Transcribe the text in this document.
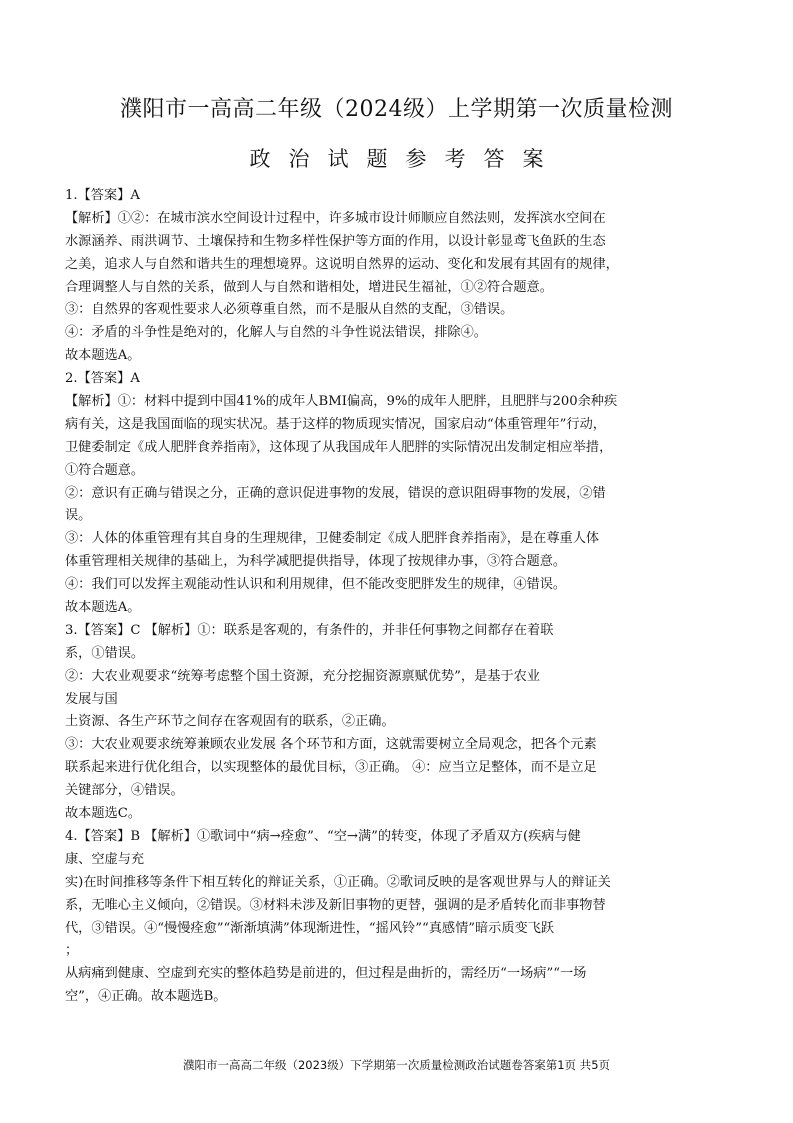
濮阳市一高高二年级（2024级）上学期第一次质量检测
政治试题参考答案
1.【答案】A
【解析】①②：在城市滨水空间设计过程中，许多城市设计师顺应自然法则，发挥滨水空间在
水源涵养、雨洪调节、土壤保持和生物多样性保护等方面的作用，以设计彰显鸢飞鱼跃的生态
之美，追求人与自然和谐共生的理想境界。这说明自然界的运动、变化和发展有其固有的规律，
合理调整人与自然的关系，做到人与自然和谐相处，增进民生福祉，①②符合题意。
③：自然界的客观性要求人必须尊重自然，而不是服从自然的支配，③错误。
④：矛盾的斗争性是绝对的，化解人与自然的斗争性说法错误，排除④。
故本题选A。
2.【答案】A
【解析】①：材料中提到中国41%的成年人BMI偏高，9%的成年人肥胖，且肥胖与200余种疾
病有关，这是我国面临的现实状况。基于这样的物质现实情况，国家启动“体重管理年”行动，
卫健委制定《成人肥胖食养指南》，这体现了从我国成年人肥胖的实际情况出发制定相应举措，
①符合题意。
②：意识有正确与错误之分，正确的意识促进事物的发展，错误的意识阻碍事物的发展，②错
误。
③：人体的体重管理有其自身的生理规律，卫健委制定《成人肥胖食养指南》，是在尊重人体
体重管理相关规律的基础上，为科学减肥提供指导，体现了按规律办事，③符合题意。
④：我们可以发挥主观能动性认识和利用规律，但不能改变肥胖发生的规律，④错误。
故本题选A。
3.【答案】C 【解析】①：联系是客观的，有条件的，并非任何事物之间都存在着联
系，①错误。
②：大农业观要求“统筹考虑整个国土资源，充分挖掘资源禀赋优势”，是基于农业
发展与国
土资源、各生产环节之间存在客观固有的联系，②正确。
③：大农业观要求统筹兼顾农业发展 各个环节和方面，这就需要树立全局观念，把各个元素
联系起来进行优化组合，以实现整体的最优目标，③正确。 ④：应当立足整体，而不是立足
关键部分，④错误。
故本题选C。
4.【答案】B 【解析】①歌词中“病→痊愈”、“空→满”的转变，体现了矛盾双方(疾病与健
康、空虚与充
实)在时间推移等条件下相互转化的辩证关系，①正确。②歌词反映的是客观世界与人的辩证关
系，无唯心主义倾向，②错误。③材料未涉及新旧事物的更替，强调的是矛盾转化而非事物替
代，③错误。④“慢慢痊愈”“渐渐填满”体现渐进性，“摇风铃”“真感情”暗示质变飞跃
；
从病痛到健康、空虚到充实的整体趋势是前进的，但过程是曲折的，需经历“一场病”“一场
空”，④正确。故本题选B。
濮阳市一高高二年级（2023级）下学期第一次质量检测政治试题卷答案第1页 共5页
